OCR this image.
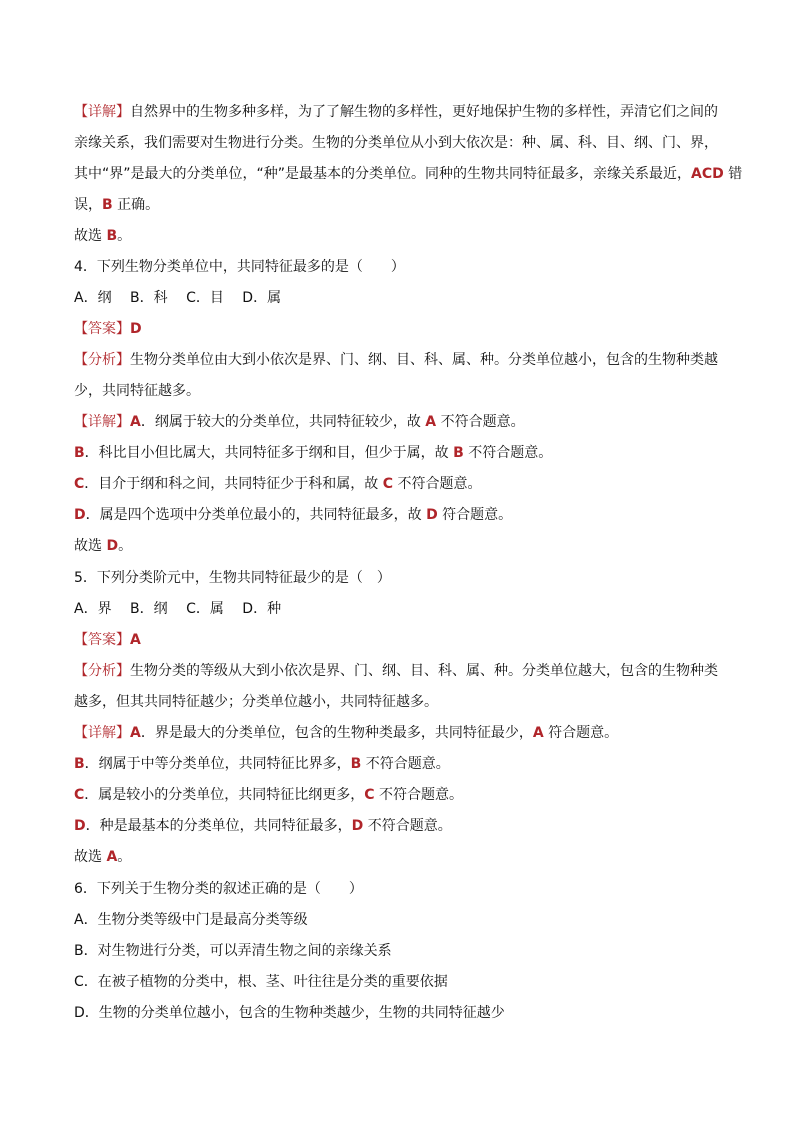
【详解】自然界中的生物多种多样，为了了解生物的多样性，更好地保护生物的多样性，弄清它们之间的
亲缘关系，我们需要对生物进行分类。生物的分类单位从小到大依次是：种、属、科、目、纲、门、界，
其中“界”是最大的分类单位，“种”是最基本的分类单位。同种的生物共同特征最多，亲缘关系最近，ACD 错
误，B 正确。
故选 B。
4．下列生物分类单位中，共同特征最多的是（　　）
A．纲　 B．科　 C．目　 D．属
【答案】D
【分析】生物分类单位由大到小依次是界、门、纲、目、科、属、种。分类单位越小，包含的生物种类越
少，共同特征越多。
【详解】A．纲属于较大的分类单位，共同特征较少，故 A 不符合题意。
B．科比目小但比属大，共同特征多于纲和目，但少于属，故 B 不符合题意。
C．目介于纲和科之间，共同特征少于科和属，故 C 不符合题意。
D．属是四个选项中分类单位最小的，共同特征最多，故 D 符合题意。
故选 D。
5．下列分类阶元中，生物共同特征最少的是（　）
A．界　 B．纲　 C．属　 D．种
【答案】A
【分析】生物分类的等级从大到小依次是界、门、纲、目、科、属、种。分类单位越大，包含的生物种类
越多，但其共同特征越少；分类单位越小，共同特征越多。
【详解】A．界是最大的分类单位，包含的生物种类最多，共同特征最少，A 符合题意。
B．纲属于中等分类单位，共同特征比界多，B 不符合题意。
C．属是较小的分类单位，共同特征比纲更多，C 不符合题意。
D．种是最基本的分类单位，共同特征最多，D 不符合题意。
故选 A。
6．下列关于生物分类的叙述正确的是（　　）
A．生物分类等级中门是最高分类等级
B．对生物进行分类，可以弄清生物之间的亲缘关系
C．在被子植物的分类中，根、茎、叶往往是分类的重要依据
D．生物的分类单位越小，包含的生物种类越少，生物的共同特征越少
